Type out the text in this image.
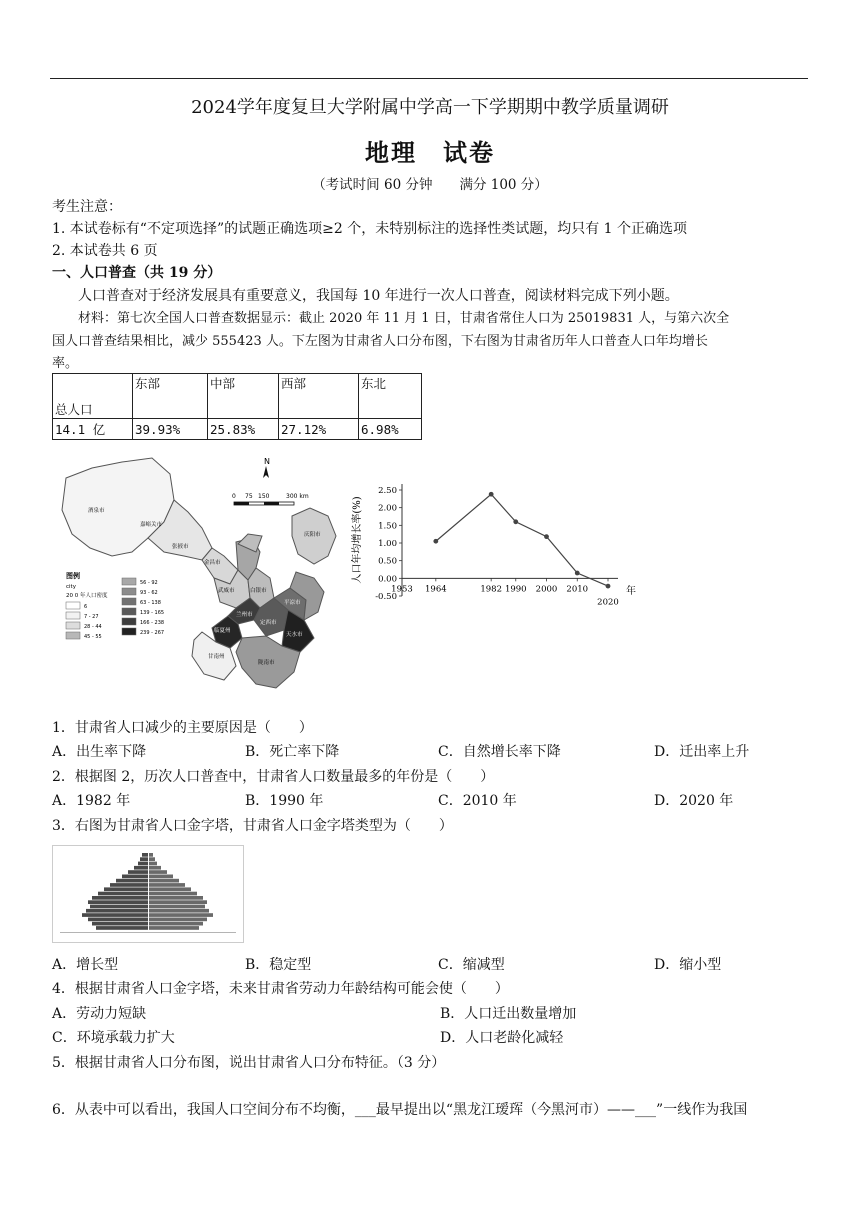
2024学年度复旦大学附属中学高一下学期期中教学质量调研
地理　试卷
（考试时间 60 分钟　　满分 100 分）
考生注意：
1. 本试卷标有“不定项选择”的试题正确选项≥2 个，未特别标注的选择性类试题，均只有 1 个正确选项
2. 本试卷共 6 页
一、人口普查（共 19 分）
人口普查对于经济发展具有重要意义，我国每 10 年进行一次人口普查，阅读材料完成下列小题。
材料：第七次全国人口普查数据显示：截止 2020 年 11 月 1 日，甘肃省常住人口为 25019831 人，与第六次全
国人口普查结果相比，减少 555423 人。下左图为甘肃省人口分布图，下右图为甘肃省历年人口普查人口年均增长
率。
总人口	东部	中部	西部	东北
14.1 亿	39.93%	25.83%	27.12%	6.98%
N
0 75 150	300 km
酒泉市
嘉峪关市
张掖市
金昌市
武威市	白银市
兰州市
定西市
天水市
平凉市
庆阳市
陇南市
甘南州
临夏州
图例
city
20 0 年人口密度
6
7 - 27
28 - 44
45 - 55
56 - 92
93 - 62
63 - 138
139 - 165
166 - 238
239 - 267
人口年均增长率(%)
2.50
2.00
1.50
1.00
0.50
0.00
-0.50
1953 1964	1982 1990 2000 2010
2020
年
1．甘肃省人口减少的主要原因是（　　）
A．出生率下降	B．死亡率下降	C．自然增长率下降	D．迁出率上升
2．根据图 2，历次人口普查中，甘肃省人口数量最多的年份是（　　）
A．1982 年	B．1990 年	C．2010 年	D．2020 年
3．右图为甘肃省人口金字塔，甘肃省人口金字塔类型为（　　）
A．增长型	B．稳定型	C．缩减型	D．缩小型
4．根据甘肃省人口金字塔，未来甘肃省劳动力年龄结构可能会使（　　）
A．劳动力短缺	B．人口迁出数量增加
C．环境承载力扩大	D．人口老龄化减轻
5．根据甘肃省人口分布图，说出甘肃省人口分布特征。（3 分）
6．从表中可以看出，我国人口空间分布不均衡，___最早提出以“黑龙江瑷珲（今黑河市）——___”一线作为我国
